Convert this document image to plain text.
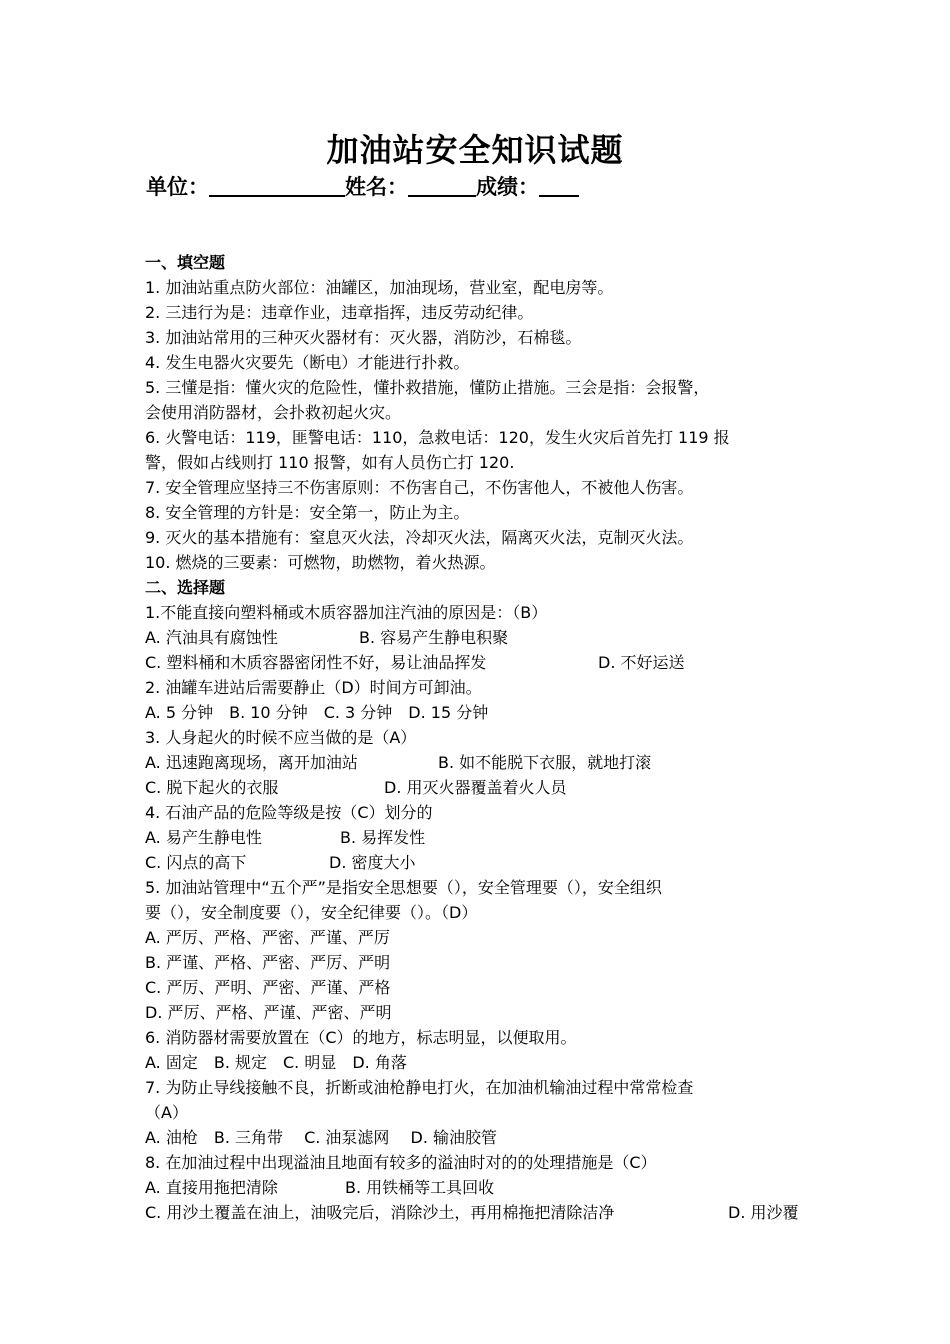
加油站安全知识试题
单位：	姓名：	成绩：
一、填空题
1. 加油站重点防火部位：油罐区，加油现场，营业室，配电房等。
2. 三违行为是：违章作业，违章指挥，违反劳动纪律。
3. 加油站常用的三种灭火器材有：灭火器，消防沙，石棉毯。
4. 发生电器火灾要先（断电）才能进行扑救。
5. 三懂是指：懂火灾的危险性，懂扑救措施，懂防止措施。三会是指：会报警，
会使用消防器材，会扑救初起火灾。
6. 火警电话：119，匪警电话：110，急救电话：120，发生火灾后首先打 119 报
警，假如占线则打 110 报警，如有人员伤亡打 120.
7. 安全管理应坚持三不伤害原则：不伤害自己，不伤害他人，不被他人伤害。
8. 安全管理的方针是：安全第一，防止为主。
9. 灭火的基本措施有：窒息灭火法，冷却灭火法，隔离灭火法，克制灭火法。
10. 燃烧的三要素：可燃物，助燃物，着火热源。
二、选择题
1.不能直接向塑料桶或木质容器加注汽油的原因是：（B）
A. 汽油具有腐蚀性	B. 容易产生静电积聚
C. 塑料桶和木质容器密闭性不好，易让油品挥发	D. 不好运送
2. 油罐车进站后需要静止（D）时间方可卸油。
A. 5 分钟　B. 10 分钟　C. 3 分钟　D. 15 分钟
3. 人身起火的时候不应当做的是（A）
A. 迅速跑离现场，离开加油站	B. 如不能脱下衣服，就地打滚
C. 脱下起火的衣服	D. 用灭火器覆盖着火人员
4. 石油产品的危险等级是按（C）划分的
A. 易产生静电性	B. 易挥发性
C. 闪点的高下	D. 密度大小
5. 加油站管理中“五个严”是指安全思想要（），安全管理要（），安全组织
要（），安全制度要（），安全纪律要（）。（D）
A. 严厉、严格、严密、严谨、严厉
B. 严谨、严格、严密、严厉、严明
C. 严厉、严明、严密、严谨、严格
D. 严厉、严格、严谨、严密、严明
6. 消防器材需要放置在（C）的地方，标志明显，以便取用。
A. 固定　B. 规定　C. 明显　D. 角落
7. 为防止导线接触不良，折断或油枪静电打火，在加油机输油过程中常常检查
（A）
A. 油枪　B. 三角带　 C. 油泵滤网　 D. 输油胶管
8. 在加油过程中出现溢油且地面有较多的溢油时对的的处理措施是（C）
A. 直接用拖把清除	B. 用铁桶等工具回收
C. 用沙土覆盖在油上，油吸完后，消除沙土，再用棉拖把清除洁净	D. 用沙覆
